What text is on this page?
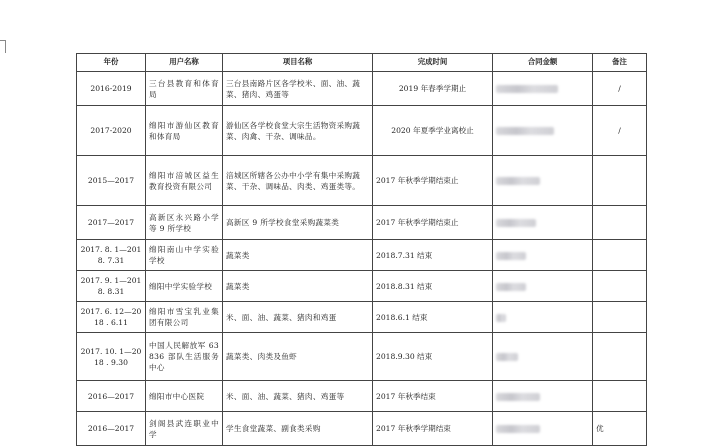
年份	用户名称	项目名称	完成时间	合同金额	备注
2016-2019	三台县教育和体育局	三台县南路片区各学校米、面、油、蔬菜、猪肉、鸡蛋等	2019 年春季学期止		/
2017-2020	绵阳市游仙区教育和体育局	游仙区各学校食堂大宗生活物资采购蔬菜、肉禽、干杂、调味品。	2020 年夏季学业离校止		/
2015—2017	绵阳市涪城区益生教育投资有限公司	涪城区所辖各公办中小学有集中采购蔬菜、干杂、调味品、肉类、鸡蛋类等。	2017 年秋季学期结束止		
2017—2017	高新区永兴路小学等 9 所学校	高新区 9 所学校食堂采购蔬菜类	2017 年秋季学期结束止		
2017. 8. 1—2018. 7.31	绵阳南山中学实验学校	蔬菜类	2018.7.31 结束		
2017. 9. 1—2018. 8.31	绵阳中学实验学校	蔬菜类	2018.8.31 结束		
2017. 6. 12—2018 . 6.11	绵阳市雪宝乳业集团有限公司	米、面、油、蔬菜、猪肉和鸡蛋	2018.6.1 结束		
2017. 10. 1—2018 . 9.30	中国人民解放军 63836 部队生活服务中心	蔬菜类、肉类及鱼虾	2018.9.30 结束		
2016—2017	绵阳市中心医院	米、面、油、蔬菜、猪肉、鸡蛋等	2017 年秋季结束		
2016—2017	剑阁县武连职业中学	学生食堂蔬菜、副食类采购	2017 年秋季学期结束		优
